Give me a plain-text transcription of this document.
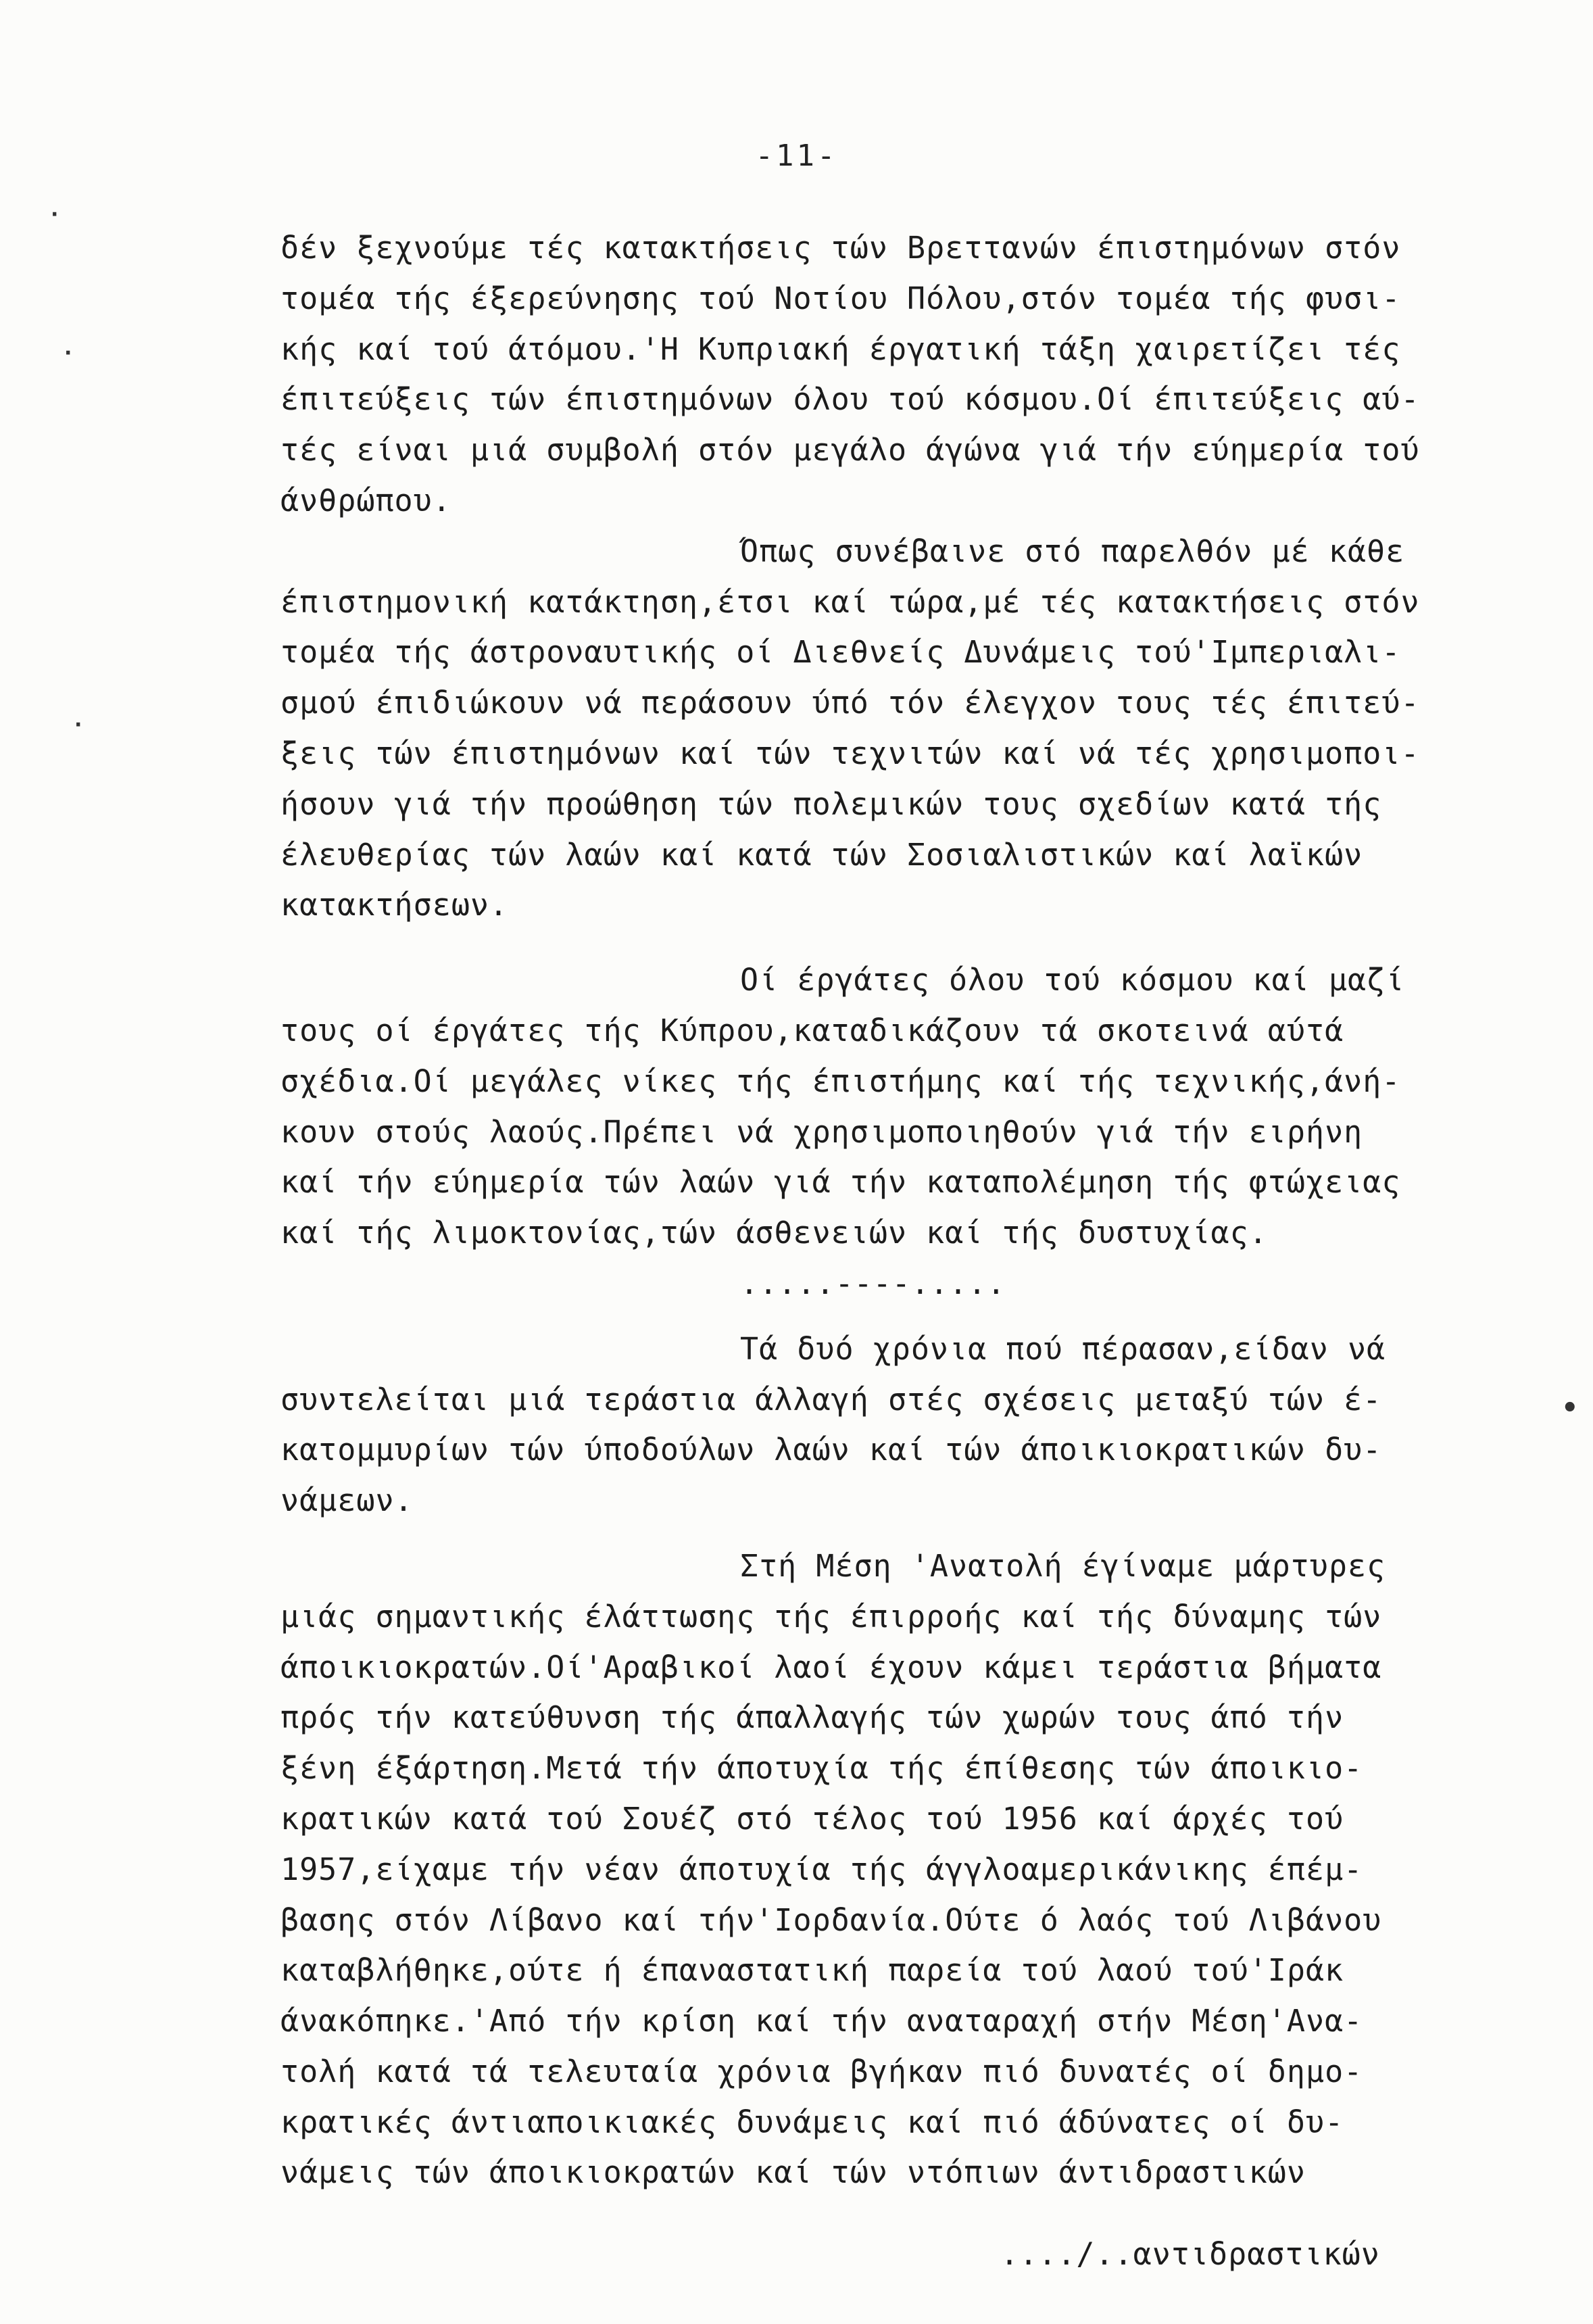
-11-
δέν ξεχνούμε τές κατακτήσεις τών Βρεττανών έπιστημόνων στόν
τομέα τής έξερεύνησης τού Νοτίου Πόλου,στόν τομέα τής φυσι-
κής καί τού άτόμου.'Η Κυπριακή έργατική τάξη χαιρετίζει τές
έπιτεύξεις τών έπιστημόνων όλου τού κόσμου.Οί έπιτεύξεις αύ-
τές είναι μιά συμβολή στόν μεγάλο άγώνα γιά τήν εύημερία τού
άνθρώπου.
Όπως συνέβαινε στό παρελθόν μέ κάθε
έπιστημονική κατάκτηση,έτσι καί τώρα,μέ τές κατακτήσεις στόν
τομέα τής άστροναυτικής οί Διεθνείς Δυνάμεις τού'Ιμπεριαλι-
σμού έπιδιώκουν νά περάσουν ύπό τόν έλεγχον τους τές έπιτεύ-
ξεις τών έπιστημόνων καί τών τεχνιτών καί νά τές χρησιμοποι-
ήσουν γιά τήν προώθηση τών πολεμικών τους σχεδίων κατά τής
έλευθερίας τών λαών καί κατά τών Σοσιαλιστικών καί λαϊκών
κατακτήσεων.
Οί έργάτες όλου τού κόσμου καί μαζί
τους οί έργάτες τής Κύπρου,καταδικάζουν τά σκοτεινά αύτά
σχέδια.Οί μεγάλες νίκες τής έπιστήμης καί τής τεχνικής,άνή-
κουν στούς λαούς.Πρέπει νά χρησιμοποιηθούν γιά τήν ειρήνη
καί τήν εύημερία τών λαών γιά τήν καταπολέμηση τής φτώχειας
καί τής λιμοκτονίας,τών άσθενειών καί τής δυστυχίας.
.....----.....
Τά δυό χρόνια πού πέρασαν,είδαν νά
συντελείται μιά τεράστια άλλαγή στές σχέσεις μεταξύ τών έ-
κατομμυρίων τών ύποδούλων λαών καί τών άποικιοκρατικών δυ-
νάμεων.
Στή Μέση 'Ανατολή έγίναμε μάρτυρες
μιάς σημαντικής έλάττωσης τής έπιρροής καί τής δύναμης τών
άποικιοκρατών.Οί'Αραβικοί λαοί έχουν κάμει τεράστια βήματα
πρός τήν κατεύθυνση τής άπαλλαγής τών χωρών τους άπό τήν
ξένη έξάρτηση.Μετά τήν άποτυχία τής έπίθεσης τών άποικιο-
κρατικών κατά τού Σουέζ στό τέλος τού 1956 καί άρχές τού
1957,είχαμε τήν νέαν άποτυχία τής άγγλοαμερικάνικης έπέμ-
βασης στόν Λίβανο καί τήν'Ιορδανία.Ούτε ό λαός τού Λιβάνου
καταβλήθηκε,ούτε ή έπαναστατική παρεία τού λαού τού'Ιράκ
άνακόπηκε.'Από τήν κρίση καί τήν αναταραχή στήν Μέση'Ανα-
τολή κατά τά τελευταία χρόνια βγήκαν πιό δυνατές οί δημο-
κρατικές άντιαποικιακές δυνάμεις καί πιό άδύνατες οί δυ-
νάμεις τών άποικιοκρατών καί τών ντόπιων άντιδραστικών
..../..αντιδραστικών
·
·
·
•
